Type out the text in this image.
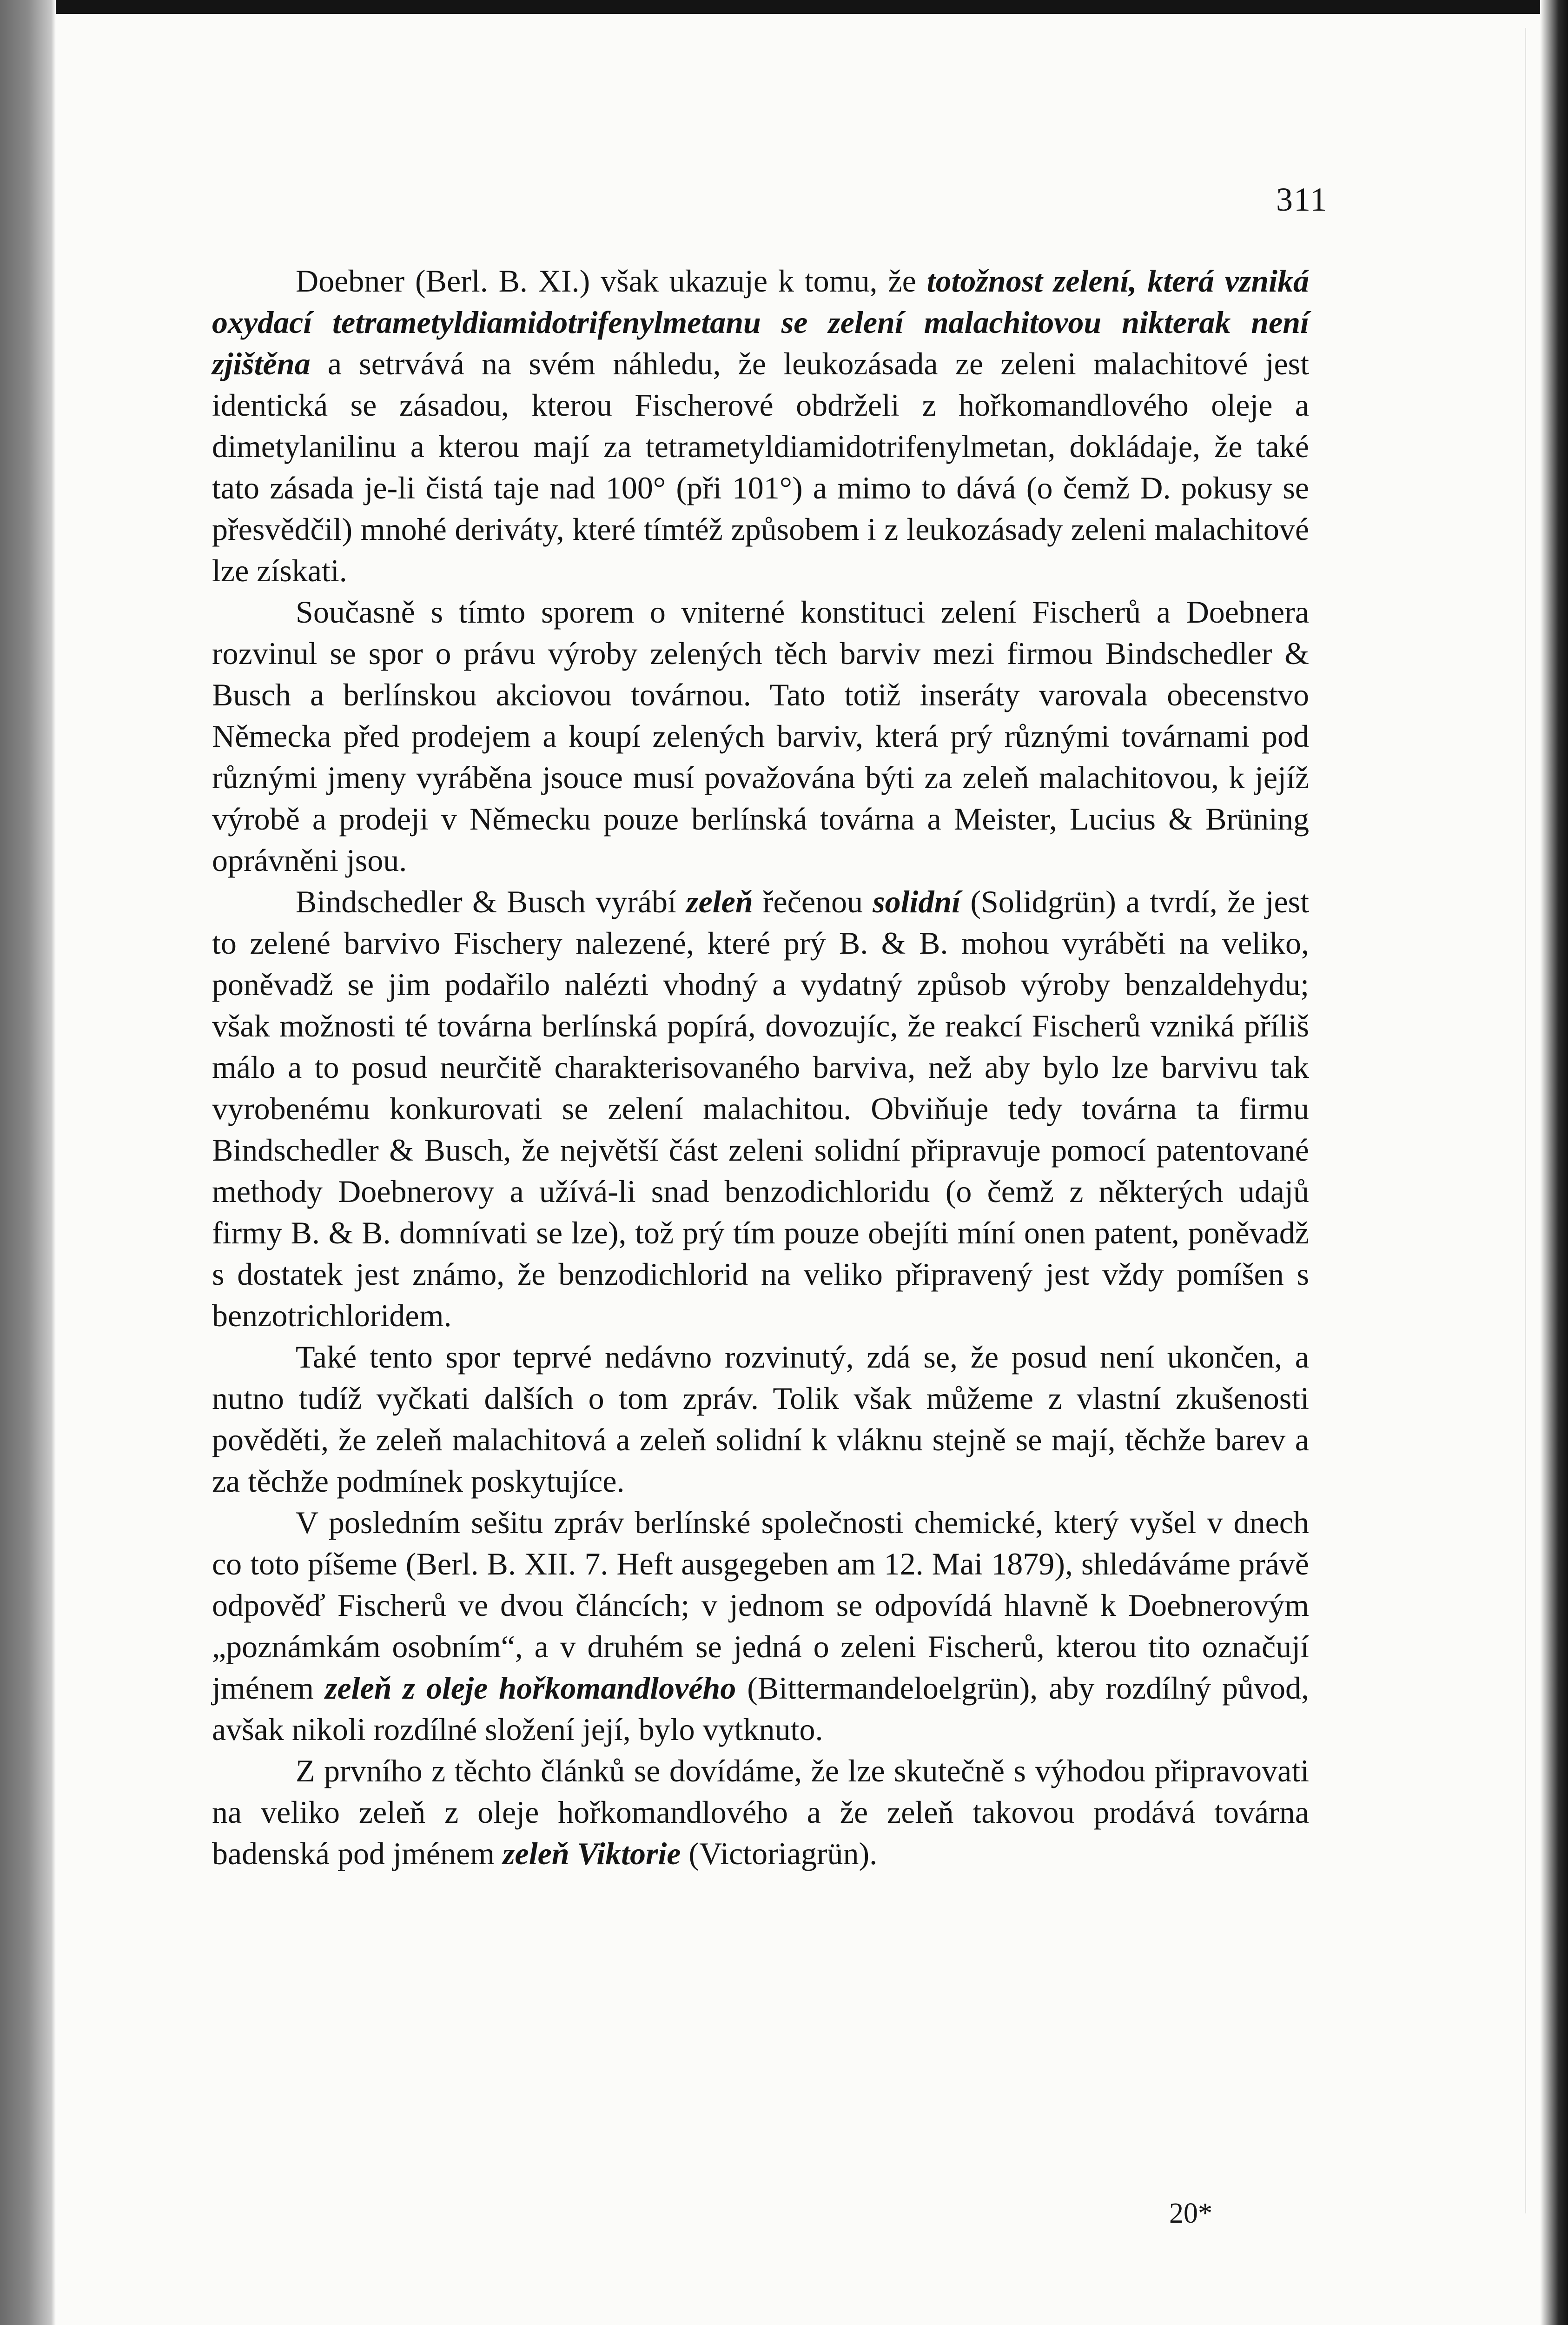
311

Doebner (Berl. B. XI.) však ukazuje k tomu, že totožnost zelení, která vzniká oxydací tetrametyldiamidotrifenylmetanu se zelení malachitovou nikterak není zjištěna a setrvává na svém náhledu, že leukozásada ze zeleni malachitové jest identická se zásadou, kterou Fischerové obdrželi z hořkomandlového oleje a dimetylanilinu a kterou mají za tetrametyldiamidotrifenylmetan, dokládaje, že také tato zásada je-li čistá taje nad 100° (při 101°) a mimo to dává (o čemž D. pokusy se přesvědčil) mnohé deriváty, které tímtéž způsobem i z leukozásady zeleni malachitové lze získati.

Současně s tímto sporem o vniterné konstituci zelení Fischerů a Doebnera rozvinul se spor o právu výroby zelených těch barviv mezi firmou Bindschedler & Busch a berlínskou akciovou továrnou. Tato totiž inseráty varovala obecenstvo Německa před prodejem a koupí zelených barviv, která prý různými továrnami pod různými jmeny vyráběna jsouce musí považována býti za zeleň malachitovou, k jejíž výrobě a prodeji v Německu pouze berlínská továrna a Meister, Lucius & Brüning oprávněni jsou.

Bindschedler & Busch vyrábí zeleň řečenou solidní (Solidgrün) a tvrdí, že jest to zelené barvivo Fischery nalezené, které prý B. & B. mohou vyráběti na veliko, poněvadž se jim podařilo nalézti vhodný a vydatný způsob výroby benzaldehydu; však možnosti té továrna berlínská popírá, dovozujíc, že reakcí Fischerů vzniká příliš málo a to posud neurčitě charakterisovaného barviva, než aby bylo lze barvivu tak vyrobenému konkurovati se zelení malachitou. Obviňuje tedy továrna ta firmu Bindschedler & Busch, že největší část zeleni solidní připravuje pomocí patentované methody Doebnerovy a užívá-li snad benzodichloridu (o čemž z některých udajů firmy B. & B. domnívati se lze), tož prý tím pouze obejíti míní onen patent, poněvadž s dostatek jest známo, že benzodichlorid na veliko připravený jest vždy pomíšen s benzotrichloridem.

Také tento spor teprvé nedávno rozvinutý, zdá se, že posud není ukončen, a nutno tudíž vyčkati dalších o tom zpráv. Tolik však můžeme z vlastní zkušenosti pověděti, že zeleň malachitová a zeleň solidní k vláknu stejně se mají, těchže barev a za těchže podmínek poskytujíce.

V posledním sešitu zpráv berlínské společnosti chemické, který vyšel v dnech co toto píšeme (Berl. B. XII. 7. Heft ausgegeben am 12. Mai 1879), shledáváme právě odpověď Fischerů ve dvou článcích; v jednom se odpovídá hlavně k Doebnerovým „poznámkám osobním“, a v druhém se jedná o zeleni Fischerů, kterou tito označují jménem zeleň z oleje hořkomandlového (Bittermandeloelgrün), aby rozdílný původ, avšak nikoli rozdílné složení její, bylo vytknuto.

Z prvního z těchto článků se dovídáme, že lze skutečně s výhodou připravovati na veliko zeleň z oleje hořkomandlového a že zeleň takovou prodává továrna badenská pod jménem zeleň Viktorie (Victoriagrün).

20*
